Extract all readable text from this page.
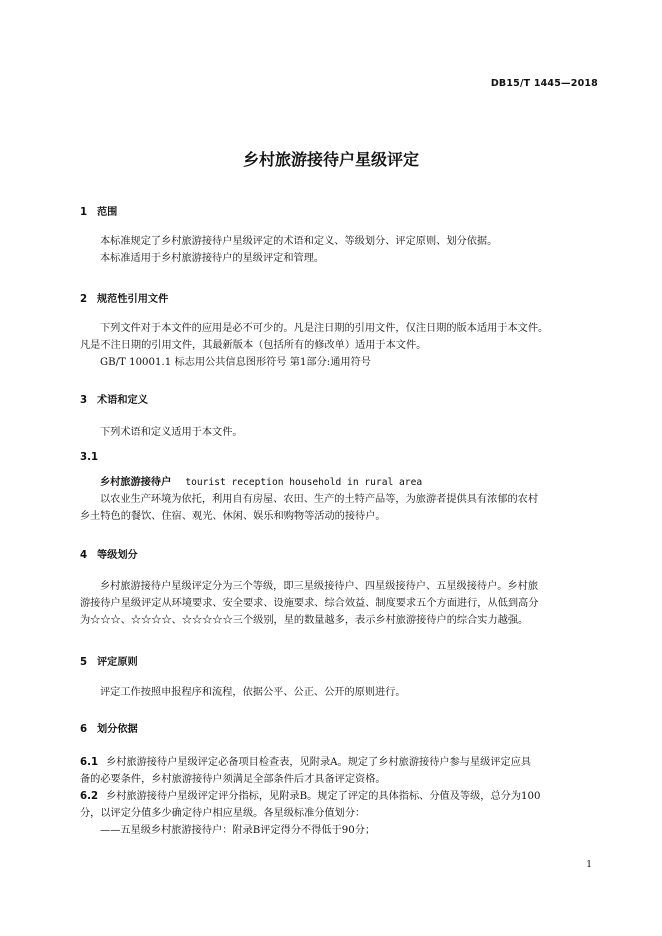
DB15/T 1445—2018
乡村旅游接待户星级评定
1 范围
本标准规定了乡村旅游接待户星级评定的术语和定义、等级划分、评定原则、划分依据。
本标准适用于乡村旅游接待户的星级评定和管理。
2 规范性引用文件
下列文件对于本文件的应用是必不可少的。凡是注日期的引用文件，仅注日期的版本适用于本文件。
凡是不注日期的引用文件，其最新版本（包括所有的修改单）适用于本文件。
GB/T 10001.1 标志用公共信息图形符号 第1部分:通用符号
3 术语和定义
下列术语和定义适用于本文件。
3.1
乡村旅游接待户 tourist reception household in rural area
以农业生产环境为依托，利用自有房屋、农田、生产的土特产品等，为旅游者提供具有浓郁的农村
乡土特色的餐饮、住宿、观光、休闲、娱乐和购物等活动的接待户。
4 等级划分
乡村旅游接待户星级评定分为三个等级，即三星级接待户、四星级接待户、五星级接待户。乡村旅
游接待户星级评定从环境要求、安全要求、设施要求、综合效益、制度要求五个方面进行，从低到高分
为☆☆☆、☆☆☆☆、☆☆☆☆☆三个级别，星的数量越多，表示乡村旅游接待户的综合实力越强。
5 评定原则
评定工作按照申报程序和流程，依据公平、公正、公开的原则进行。
6 划分依据
6.1 乡村旅游接待户星级评定必备项目检查表，见附录A。规定了乡村旅游接待户参与星级评定应具
备的必要条件，乡村旅游接待户须满足全部条件后才具备评定资格。
6.2 乡村旅游接待户星级评定评分指标，见附录B。规定了评定的具体指标、分值及等级，总分为100
分，以评定分值多少确定待户相应星级。各星级标准分值划分：
——五星级乡村旅游接待户：附录B评定得分不得低于90分；
1
